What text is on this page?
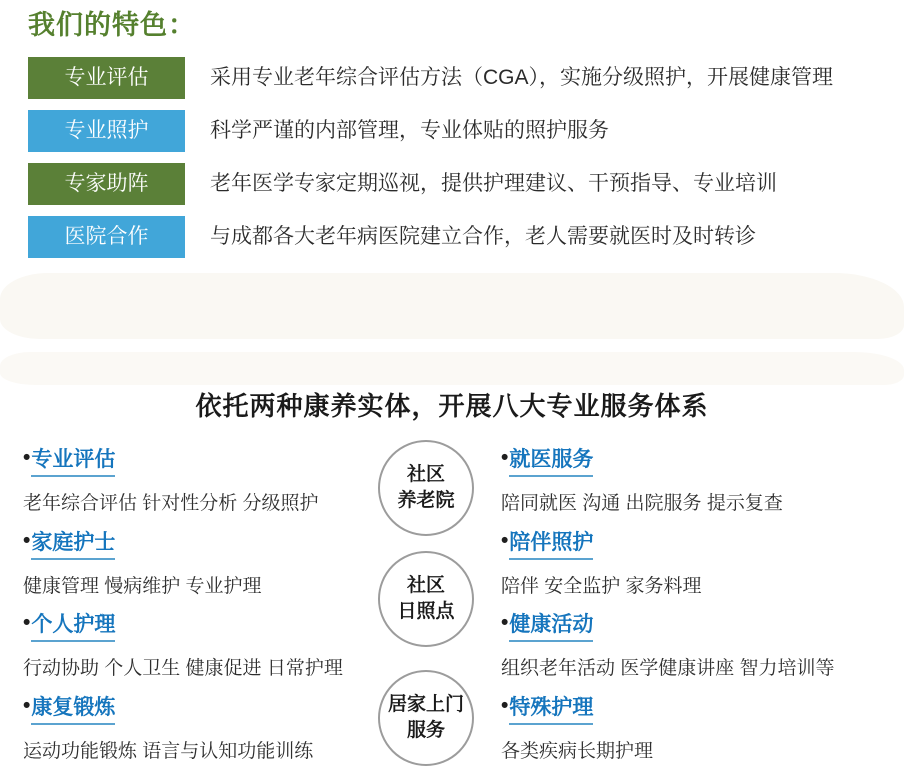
我们的特色：
专业评估	采用专业老年综合评估方法（CGA），实施分级照护，开展健康管理
专业照护	科学严谨的内部管理，专业体贴的照护服务
专家助阵	老年医学专家定期巡视，提供护理建议、干预指导、专业培训
医院合作	与成都各大老年病医院建立合作，老人需要就医时及时转诊
依托两种康养实体，开展八大专业服务体系
•专业评估
老年综合评估 针对性分析 分级照护
•家庭护士
健康管理 慢病维护 专业护理
•个人护理
行动协助 个人卫生 健康促进 日常护理
•康复锻炼
运动功能锻炼 语言与认知功能训练
•就医服务
陪同就医 沟通 出院服务 提示复查
•陪伴照护
陪伴 安全监护 家务料理
•健康活动
组织老年活动 医学健康讲座 智力培训等
•特殊护理
各类疾病长期护理
社区
养老院
社区
日照点
居家上门
服务
